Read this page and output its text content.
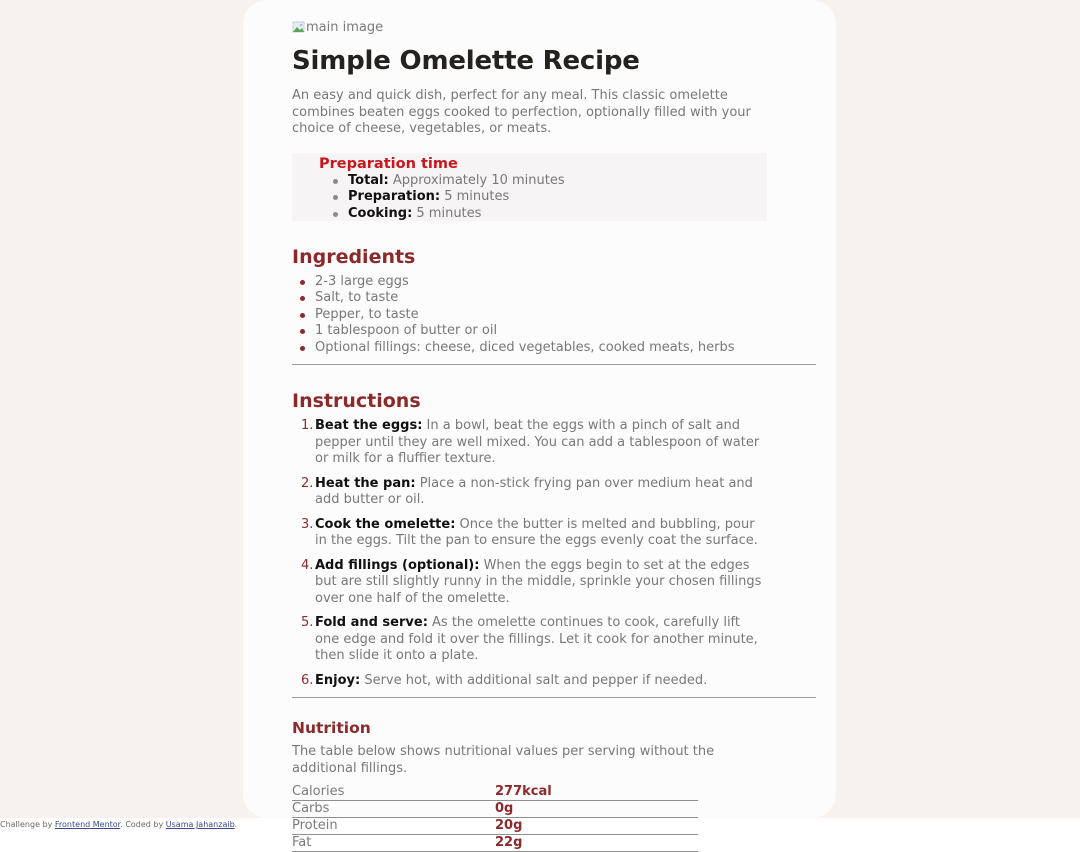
main image
Simple Omelette Recipe

An easy and quick dish, perfect for any meal. This classic omelette combines beaten eggs cooked to perfection, optionally filled with your choice of cheese, vegetables, or meats.

Preparation time
Total: Approximately 10 minutes
Preparation: 5 minutes
Cooking: 5 minutes
Ingredients
2-3 large eggs
Salt, to taste
Pepper, to taste
1 tablespoon of butter or oil
Optional fillings: cheese, diced vegetables, cooked meats, herbs
Instructions
Beat the eggs: In a bowl, beat the eggs with a pinch of salt and pepper until they are well mixed. You can add a tablespoon of water or milk for a fluffier texture.
Heat the pan: Place a non-stick frying pan over medium heat and add butter or oil.
Cook the omelette: Once the butter is melted and bubbling, pour in the eggs. Tilt the pan to ensure the eggs evenly coat the surface.
Add fillings (optional): When the eggs begin to set at the edges but are still slightly runny in the middle, sprinkle your chosen fillings over one half of the omelette.
Fold and serve: As the omelette continues to cook, carefully lift one edge and fold it over the fillings. Let it cook for another minute, then slide it onto a plate.
Enjoy: Serve hot, with additional salt and pepper if needed.
Nutrition

The table below shows nutritional values per serving without the additional fillings.

Calories	277kcal
Carbs	0g
Protein	20g
Fat	22g
Challenge by Frontend Mentor. Coded by Usama Jahanzaib.
